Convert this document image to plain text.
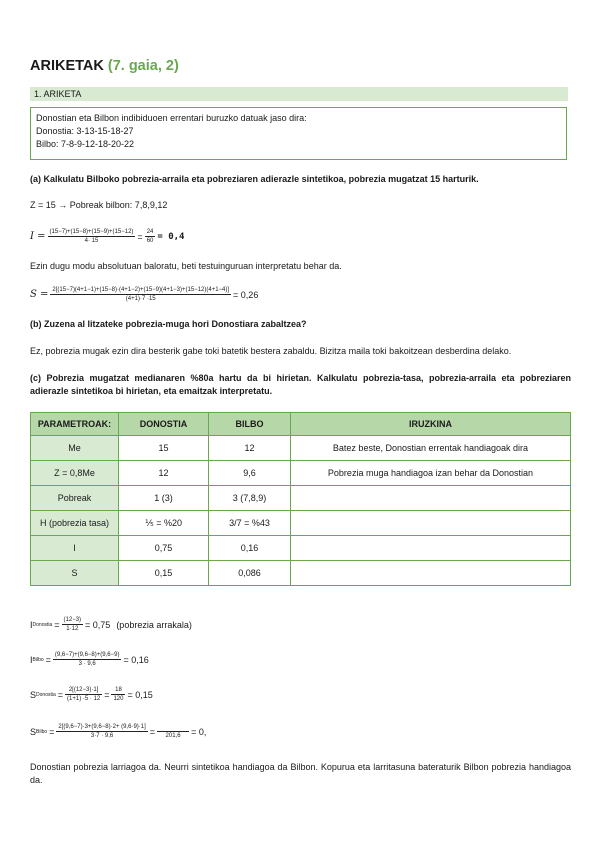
ARIKETAK (7. gaia, 2)
1. ARIKETA
Donostian eta Bilbon indibiduoen errentari buruzko datuak jaso dira:
Donostia: 3-13-15-18-27
Bilbo: 7-8-9-12-18-20-22
(a) Kalkulatu Bilboko pobrezia-arraila eta pobreziaren adierazle sintetikoa, pobrezia mugatzat 15 harturik.
Z = 15 → Pobreak bilbon: 7,8,9,12
$I = \frac{(15-7)+(15-8)+(15-9)+(15-12)}{4\cdot 15} = \frac{24}{60} = 0,4$
Ezin dugu modu absolutuan baloratu, beti testuinguruan interpretatu behar da.
$S = \frac{2[(15-7)(4+1-1)+(15-8)\cdot(4+1-2)+(15-9)(4+1-3)+(15-12)(4+1-4)]}{(4+1)\cdot 7 \cdot 15} = 0,26$
(b) Zuzena al litzateke pobrezia-muga hori Donostiara zabaltzea?
Ez, pobrezia mugak ezin dira besterik gabe toki batetik bestera zabaldu. Bizitza maila toki bakoitzean desberdina delako.
(c) Pobrezia mugatzat medianaren %80a hartu da bi hirietan. Kalkulatu pobrezia-tasa, pobrezia-arraila eta pobreziaren adierazle sintetikoa bi hirietan, eta emaitzak interpretatu.
PARAMETROAK:	DONOSTIA	BILBO	IRUZKINA
Me	15	12	Batez beste, Donostian errentak handiagoak dira
Z = 0,8Me	12	9,6	Pobrezia muga handiagoa izan behar da Donostian
Pobreak	1 (3)	3 (7,8,9)	
H (pobrezia tasa)	⅕ = %20	3/7 = %43	
I	0,75	0,16	
S	0,15	0,086	
I Donostia = $\frac{(12-3)}{1\cdot 12} = 0,75$ (pobrezia arrakala)
I Bilbo = $\frac{(9,6-7)+(9,6-8)+(9,6-9)}{3 \cdot 9,6} = 0,16$
S Donostia = $\frac{2[(12-3)\cdot 1]}{(1+1) \cdot 5 \cdot 12} = \frac{18}{120} = 0,15$
S Bilbo = $\frac{2[(9,6-7)\cdot 3+(9,6-8)\cdot 2+ (9,6\cdot 9)\cdot 1]}{3\cdot 7 \cdot 9,6}$ =	201,6	= 0,
Donostian pobrezia larriagoa da. Neurri sintetikoa handiagoa da Bilbon. Kopurua eta larritasuna bateraturik Bilbon pobrezia handiagoa da.
